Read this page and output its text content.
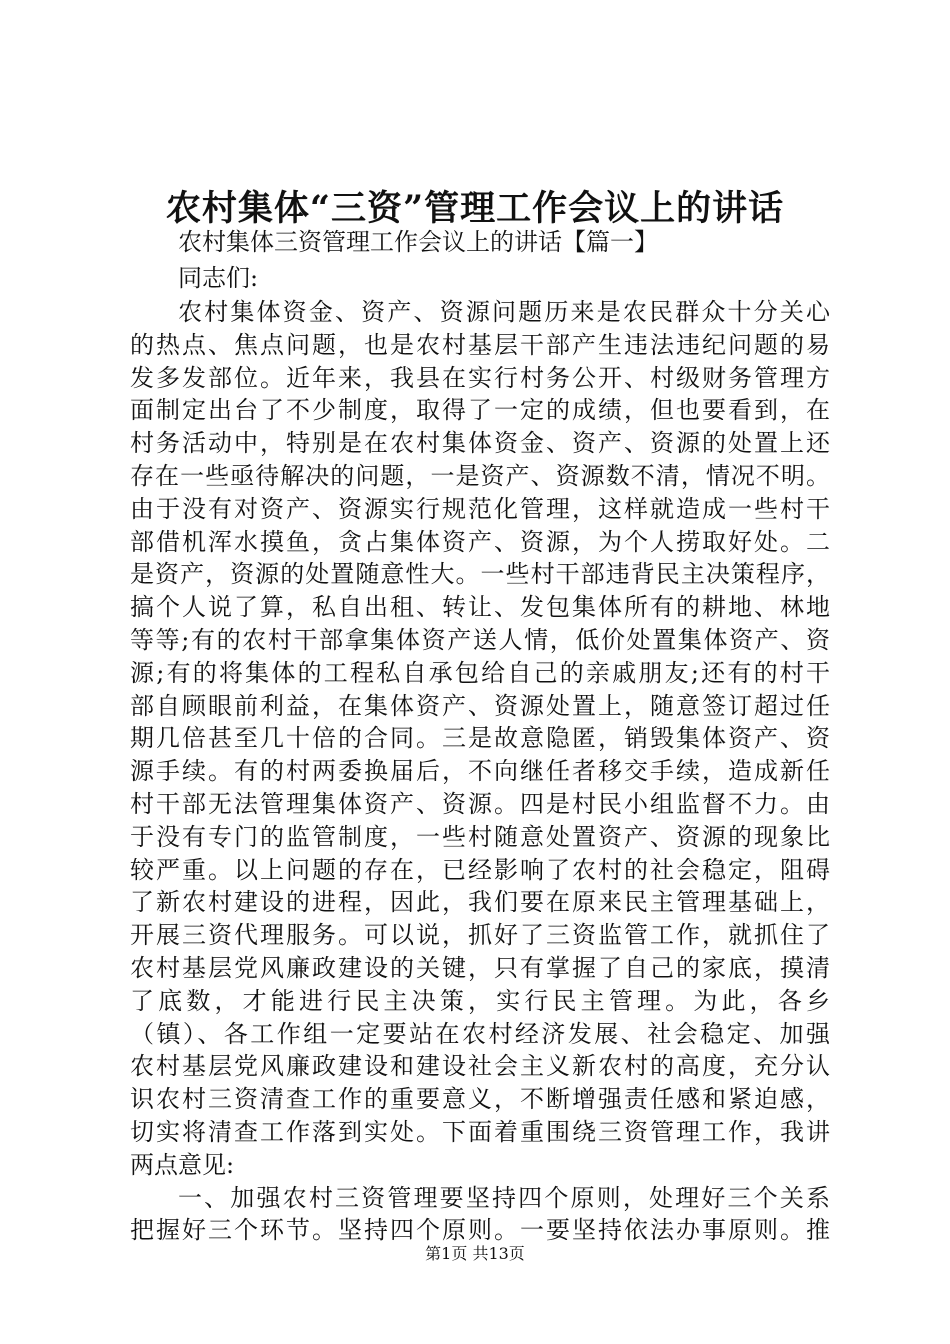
农村集体“三资”管理工作会议上的讲话
农村集体三资管理工作会议上的讲话【篇一】
同志们:
农村集体资金、资产、资源问题历来是农民群众十分关心
的热点、焦点问题，也是农村基层干部产生违法违纪问题的易
发多发部位。近年来，我县在实行村务公开、村级财务管理方
面制定出台了不少制度，取得了一定的成绩，但也要看到，在
村务活动中，特别是在农村集体资金、资产、资源的处置上还
存在一些亟待解决的问题，一是资产、资源数不清，情况不明。
由于没有对资产、资源实行规范化管理，这样就造成一些村干
部借机浑水摸鱼，贪占集体资产、资源，为个人捞取好处。二
是资产，资源的处置随意性大。一些村干部违背民主决策程序，
搞个人说了算，私自出租、转让、发包集体所有的耕地、林地
等等;有的农村干部拿集体资产送人情，低价处置集体资产、资
源;有的将集体的工程私自承包给自己的亲戚朋友;还有的村干
部自顾眼前利益，在集体资产、资源处置上，随意签订超过任
期几倍甚至几十倍的合同。三是故意隐匿，销毁集体资产、资
源手续。有的村两委换届后，不向继任者移交手续，造成新任
村干部无法管理集体资产、资源。四是村民小组监督不力。由
于没有专门的监管制度，一些村随意处置资产、资源的现象比
较严重。以上问题的存在，已经影响了农村的社会稳定，阻碍
了新农村建设的进程，因此，我们要在原来民主管理基础上，
开展三资代理服务。可以说，抓好了三资监管工作，就抓住了
农村基层党风廉政建设的关键，只有掌握了自己的家底，摸清
了底数，才能进行民主决策，实行民主管理。为此，各乡
（镇）、各工作组一定要站在农村经济发展、社会稳定、加强
农村基层党风廉政建设和建设社会主义新农村的高度，充分认
识农村三资清查工作的重要意义，不断增强责任感和紧迫感，
切实将清查工作落到实处。下面着重围绕三资管理工作，我讲
两点意见:
一、加强农村三资管理要坚持四个原则，处理好三个关系
把握好三个环节。坚持四个原则。一要坚持依法办事原则。推
第1页 共13页
